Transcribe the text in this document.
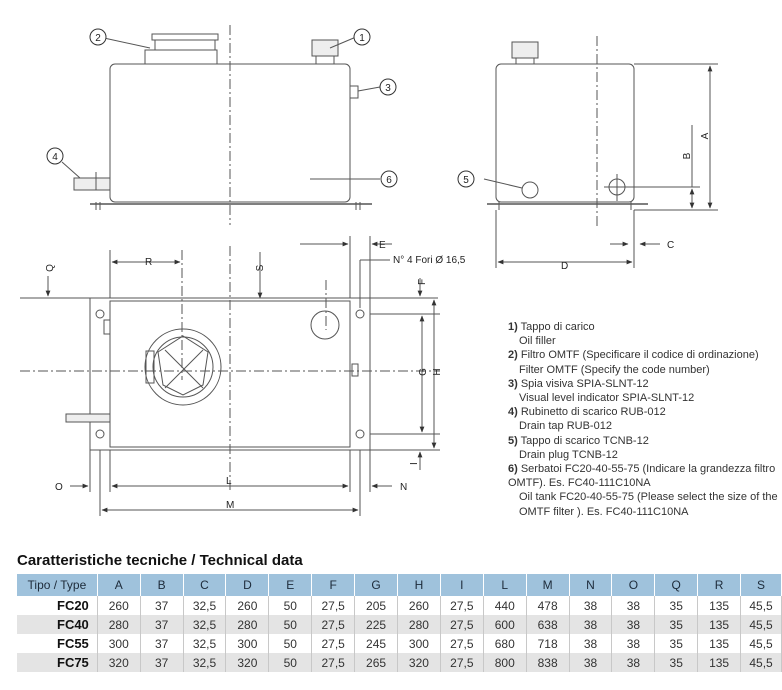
1
2
3
4
5
6
A
B
C
D
E
F
G H
I
L
M
N
O
Q	R	S
N° 4 Fori Ø 16,5
1) Tappo di carico
Oil filler
2) Filtro OMTF (Specificare il codice di ordinazione)
Filter OMTF (Specify the code number)
3) Spia visiva SPIA-SLNT-12
Visual level indicator SPIA-SLNT-12
4) Rubinetto di scarico RUB-012
Drain tap RUB-012
5) Tappo di scarico TCNB-12
Drain plug TCNB-12
6) Serbatoi FC20-40-55-75 (Indicare la grandezza filtro OMTF). Es. FC40-111C10NA
Oil tank FC20-40-55-75 (Please select the size of the OMTF filter ). Es. FC40-111C10NA
Caratteristiche tecniche / Technical data
Tipo / Type	A	B	C	D	E	F	G	H	I	L	M	N	O	Q	R	S
FC20	260	37	32,5	260	50	27,5	205	260	27,5	440	478	38	38	35	135	45,5
FC40	280	37	32,5	280	50	27,5	225	280	27,5	600	638	38	38	35	135	45,5
FC55	300	37	32,5	300	50	27,5	245	300	27,5	680	718	38	38	35	135	45,5
FC75	320	37	32,5	320	50	27,5	265	320	27,5	800	838	38	38	35	135	45,5
